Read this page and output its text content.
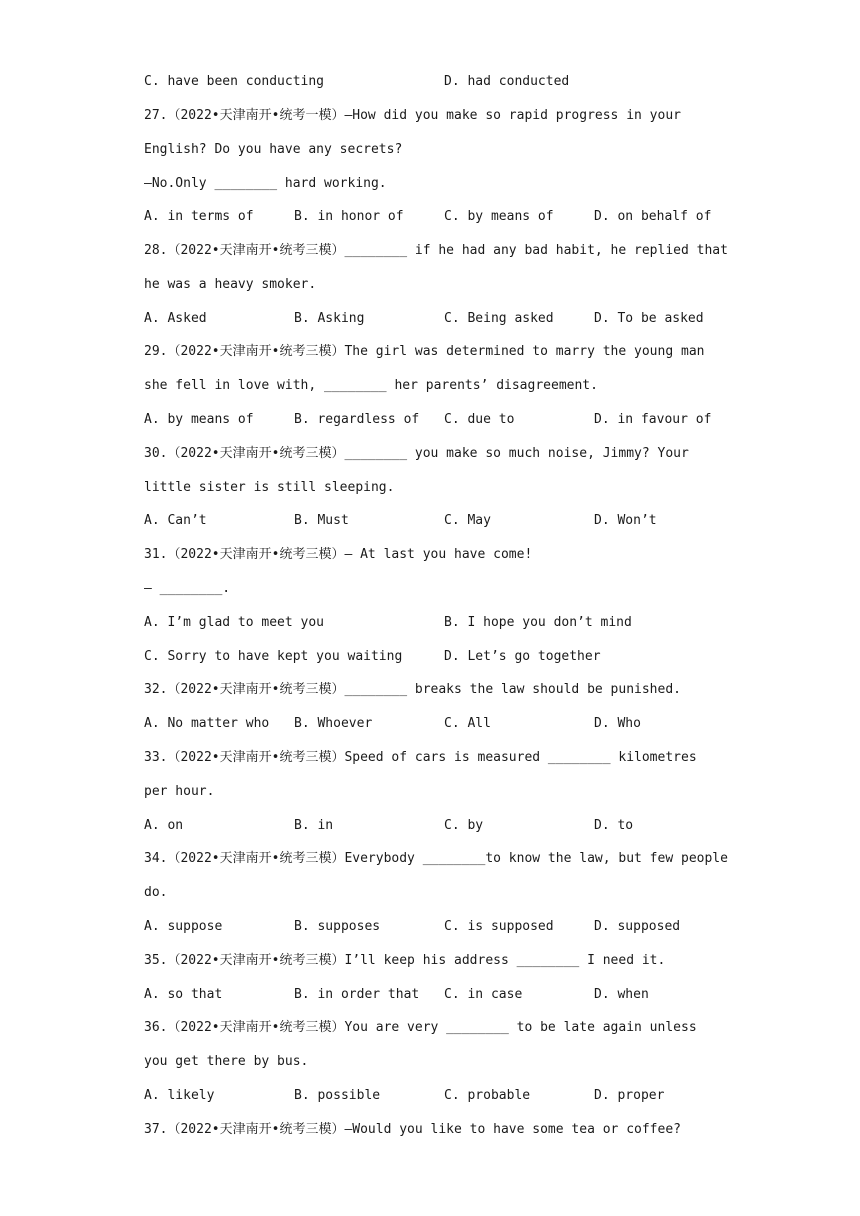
C. have been conducting	D. had conducted
27.（2022•天津南开•统考一模）—How did you make so rapid progress in your
English? Do you have any secrets?
—No.Only ________ hard working.
A. in terms of	B. in honor of	C. by means of	D. on behalf of
28.（2022•天津南开•统考三模）________ if he had any bad habit, he replied that
he was a heavy smoker.
A. Asked	B. Asking	C. Being asked	D. To be asked
29.（2022•天津南开•统考三模）The girl was determined to marry the young man
she fell in love with, ________ her parents’ disagreement.
A. by means of	B. regardless of C. due to	D. in favour of
30.（2022•天津南开•统考三模）________ you make so much noise, Jimmy? Your
little sister is still sleeping.
A. Can’t	B. Must	C. May	D. Won’t
31.（2022•天津南开•统考三模）— At last you have come!
— ________.
A. I’m glad to meet you	B. I hope you don’t mind
C. Sorry to have kept you waiting	D. Let’s go together
32.（2022•天津南开•统考三模）________ breaks the law should be punished.
A. No matter who B. Whoever	C. All	D. Who
33.（2022•天津南开•统考三模）Speed of cars is measured ________ kilometres
per hour.
A. on	B. in	C. by	D. to
34.（2022•天津南开•统考三模）Everybody ________to know the law, but few people
do.
A. suppose	B. supposes	C. is supposed	D. supposed
35.（2022•天津南开•统考三模）I’ll keep his address ________ I need it.
A. so that	B. in order that C. in case	D. when
36.（2022•天津南开•统考三模）You are very ________ to be late again unless
you get there by bus.
A. likely	B. possible	C. probable	D. proper
37.（2022•天津南开•统考三模）—Would you like to have some tea or coffee?
